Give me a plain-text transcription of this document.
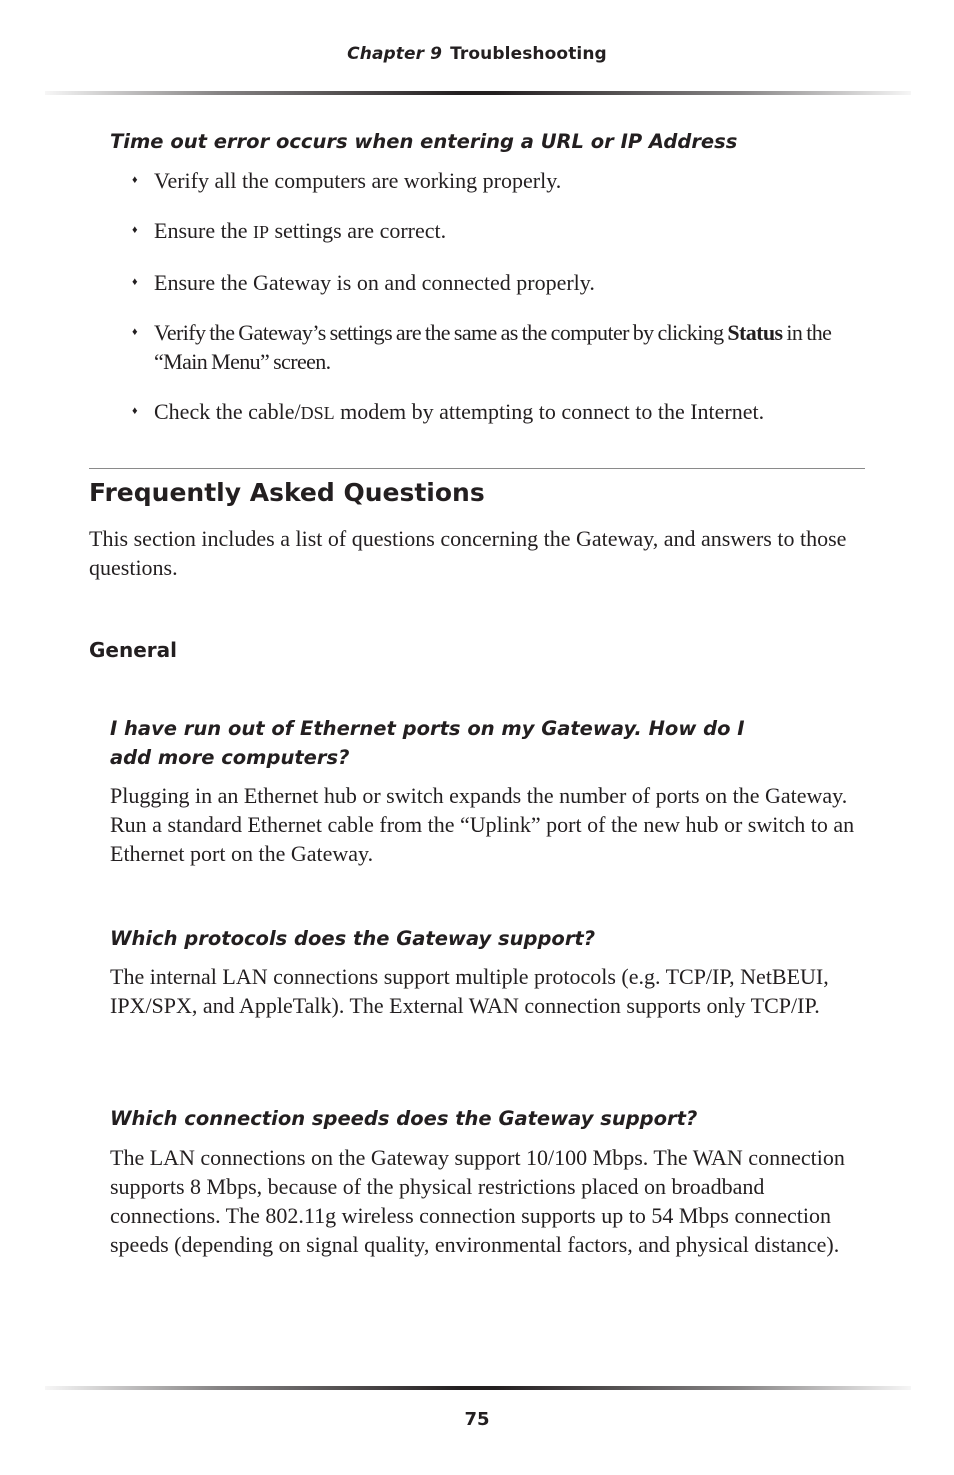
Chapter 9 Troubleshooting
Time out error occurs when entering a URL or IP Address
♦ Verify all the computers are working properly.
♦ Ensure the IP settings are correct.
♦ Ensure the Gateway is on and connected properly.
♦ Verify the Gateway’s settings are the same as the computer by clicking Status in the “Main Menu” screen.
♦ Check the cable/DSL modem by attempting to connect to the Internet.
Frequently Asked Questions
This section includes a list of questions concerning the Gateway, and answers to those questions.
General
I have run out of Ethernet ports on my Gateway. How do I add more computers?
Plugging in an Ethernet hub or switch expands the number of ports on the Gateway. Run a standard Ethernet cable from the “Uplink” port of the new hub or switch to an Ethernet port on the Gateway.
Which protocols does the Gateway support?
The internal LAN connections support multiple protocols (e.g. TCP/IP, NetBEUI, IPX/SPX, and AppleTalk). The External WAN connection supports only TCP/IP.
Which connection speeds does the Gateway support?
The LAN connections on the Gateway support 10/100 Mbps. The WAN connection supports 8 Mbps, because of the physical restrictions placed on broadband connections. The 802.11g wireless connection supports up to 54 Mbps connection speeds (depending on signal quality, environmental factors, and physical distance).
75
